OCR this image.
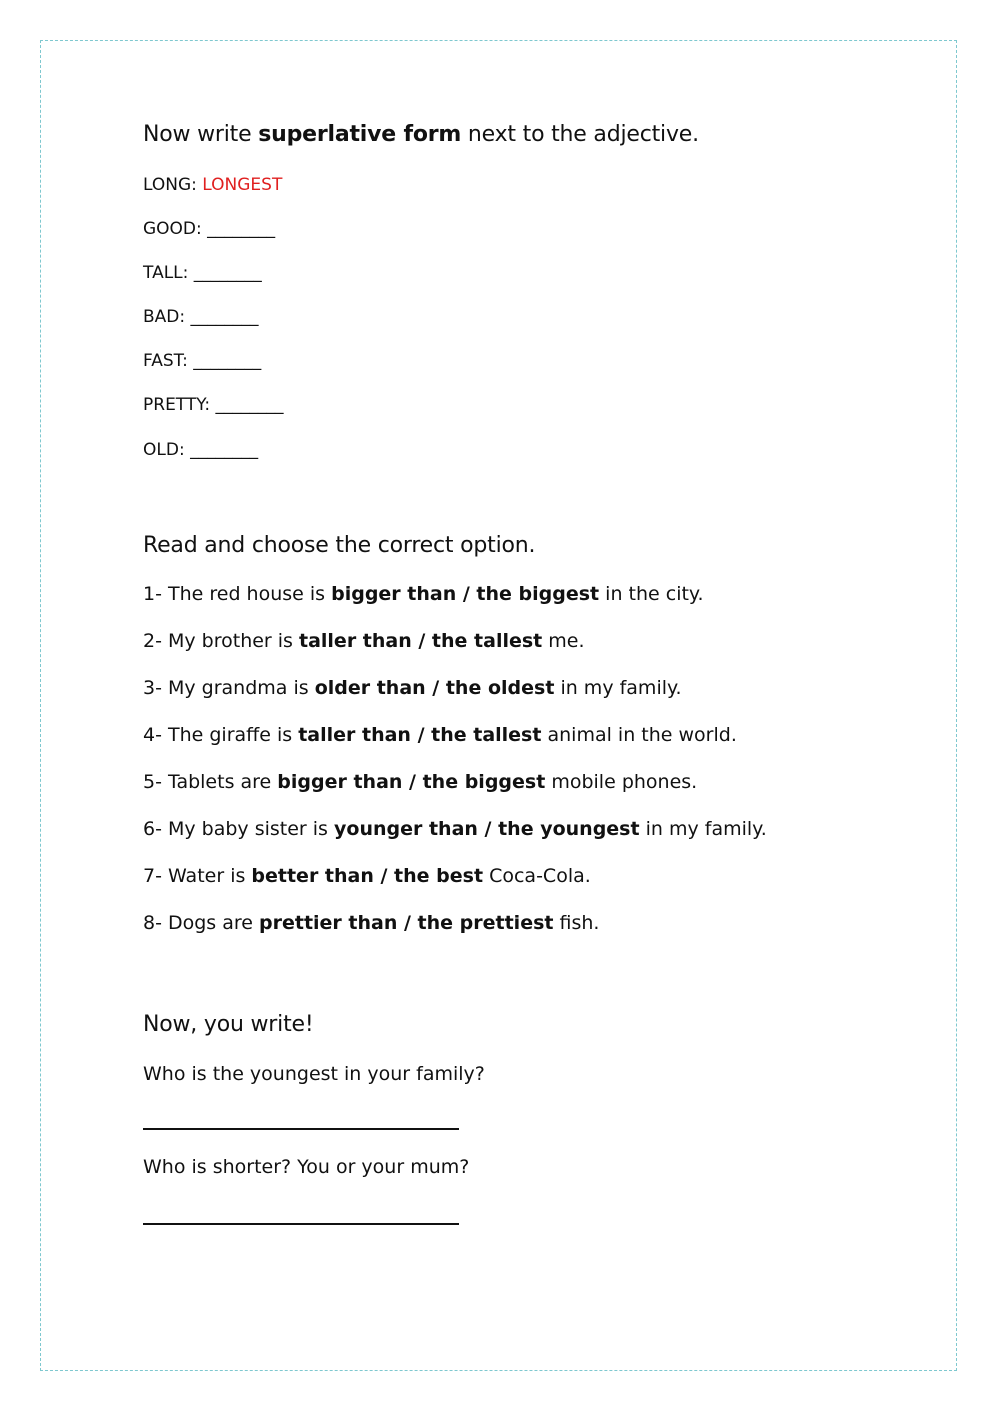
Now write superlative form next to the adjective.
LONG: LONGEST
GOOD: ________
TALL: ________
BAD: ________
FAST: ________
PRETTY: ________
OLD: ________
Read and choose the correct option.
1- The red house is bigger than / the biggest in the city.
2- My brother is taller than / the tallest me.
3- My grandma is older than / the oldest in my family.
4- The giraffe is taller than / the tallest animal in the world.
5- Tablets are bigger than / the biggest mobile phones.
6- My baby sister is younger than / the youngest in my family.
7- Water is better than / the best Coca-Cola.
8- Dogs are prettier than / the prettiest fish.
Now, you write!
Who is the youngest in your family?
Who is shorter? You or your mum?
